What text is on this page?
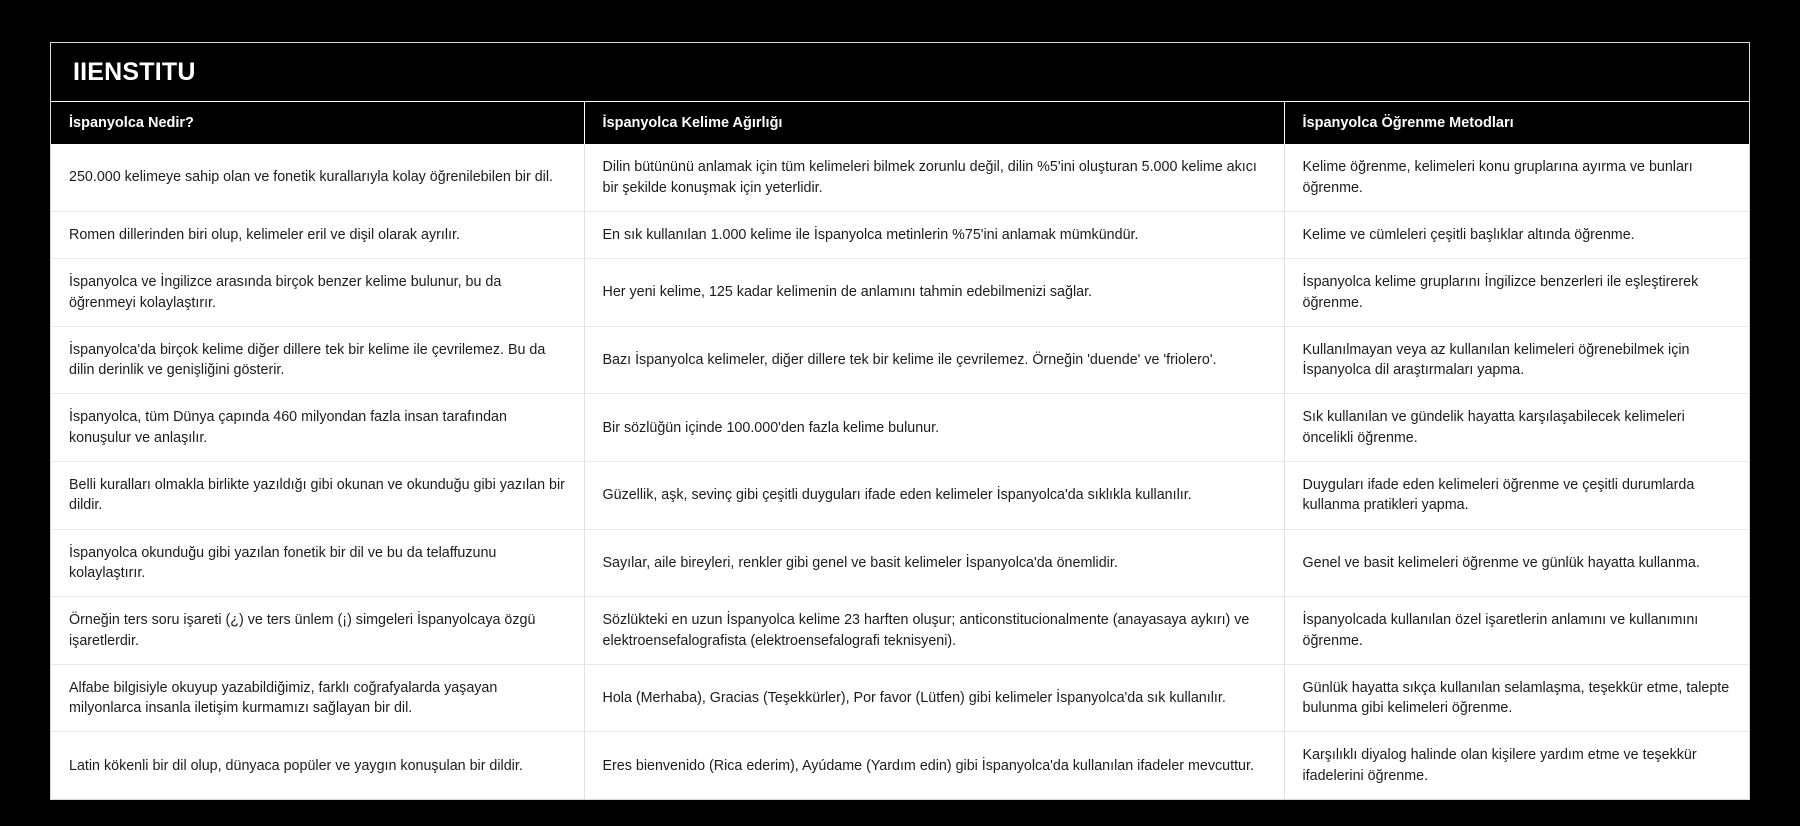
IIENSTITU
İspanyolca Nedir?	İspanyolca Kelime Ağırlığı	İspanyolca Öğrenme Metodları
250.000 kelimeye sahip olan ve fonetik kurallarıyla kolay öğrenilebilen bir dil.	Dilin bütününü anlamak için tüm kelimeleri bilmek zorunlu değil, dilin %5'ini oluşturan 5.000 kelime akıcı bir şekilde konuşmak için yeterlidir.	Kelime öğrenme, kelimeleri konu gruplarına ayırma ve bunları öğrenme.
Romen dillerinden biri olup, kelimeler eril ve dişil olarak ayrılır.	En sık kullanılan 1.000 kelime ile İspanyolca metinlerin %75'ini anlamak mümkündür.	Kelime ve cümleleri çeşitli başlıklar altında öğrenme.
İspanyolca ve İngilizce arasında birçok benzer kelime bulunur, bu da öğrenmeyi kolaylaştırır.	Her yeni kelime, 125 kadar kelimenin de anlamını tahmin edebilmenizi sağlar.	İspanyolca kelime gruplarını İngilizce benzerleri ile eşleştirerek öğrenme.
İspanyolca'da birçok kelime diğer dillere tek bir kelime ile çevrilemez. Bu da dilin derinlik ve genişliğini gösterir.	Bazı İspanyolca kelimeler, diğer dillere tek bir kelime ile çevrilemez. Örneğin 'duende' ve 'friolero'.	Kullanılmayan veya az kullanılan kelimeleri öğrenebilmek için İspanyolca dil araştırmaları yapma.
İspanyolca, tüm Dünya çapında 460 milyondan fazla insan tarafından konuşulur ve anlaşılır.	Bir sözlüğün içinde 100.000'den fazla kelime bulunur.	Sık kullanılan ve gündelik hayatta karşılaşabilecek kelimeleri öncelikli öğrenme.
Belli kuralları olmakla birlikte yazıldığı gibi okunan ve okunduğu gibi yazılan bir dildir.	Güzellik, aşk, sevinç gibi çeşitli duyguları ifade eden kelimeler İspanyolca'da sıklıkla kullanılır.	Duyguları ifade eden kelimeleri öğrenme ve çeşitli durumlarda kullanma pratikleri yapma.
İspanyolca okunduğu gibi yazılan fonetik bir dil ve bu da telaffuzunu kolaylaştırır.	Sayılar, aile bireyleri, renkler gibi genel ve basit kelimeler İspanyolca'da önemlidir.	Genel ve basit kelimeleri öğrenme ve günlük hayatta kullanma.
Örneğin ters soru işareti (¿) ve ters ünlem (¡) simgeleri İspanyolcaya özgü işaretlerdir.	Sözlükteki en uzun İspanyolca kelime 23 harften oluşur; anticonstitucionalmente (anayasaya aykırı) ve elektroensefalografista (elektroensefalografi teknisyeni).	İspanyolcada kullanılan özel işaretlerin anlamını ve kullanımını öğrenme.
Alfabe bilgisiyle okuyup yazabildiğimiz, farklı coğrafyalarda yaşayan milyonlarca insanla iletişim kurmamızı sağlayan bir dil.	Hola (Merhaba), Gracias (Teşekkürler), Por favor (Lütfen) gibi kelimeler İspanyolca'da sık kullanılır.	Günlük hayatta sıkça kullanılan selamlaşma, teşekkür etme, talepte bulunma gibi kelimeleri öğrenme.
Latin kökenli bir dil olup, dünyaca popüler ve yaygın konuşulan bir dildir.	Eres bienvenido (Rica ederim), Ayúdame (Yardım edin) gibi İspanyolca'da kullanılan ifadeler mevcuttur.	Karşılıklı diyalog halinde olan kişilere yardım etme ve teşekkür ifadelerini öğrenme.
